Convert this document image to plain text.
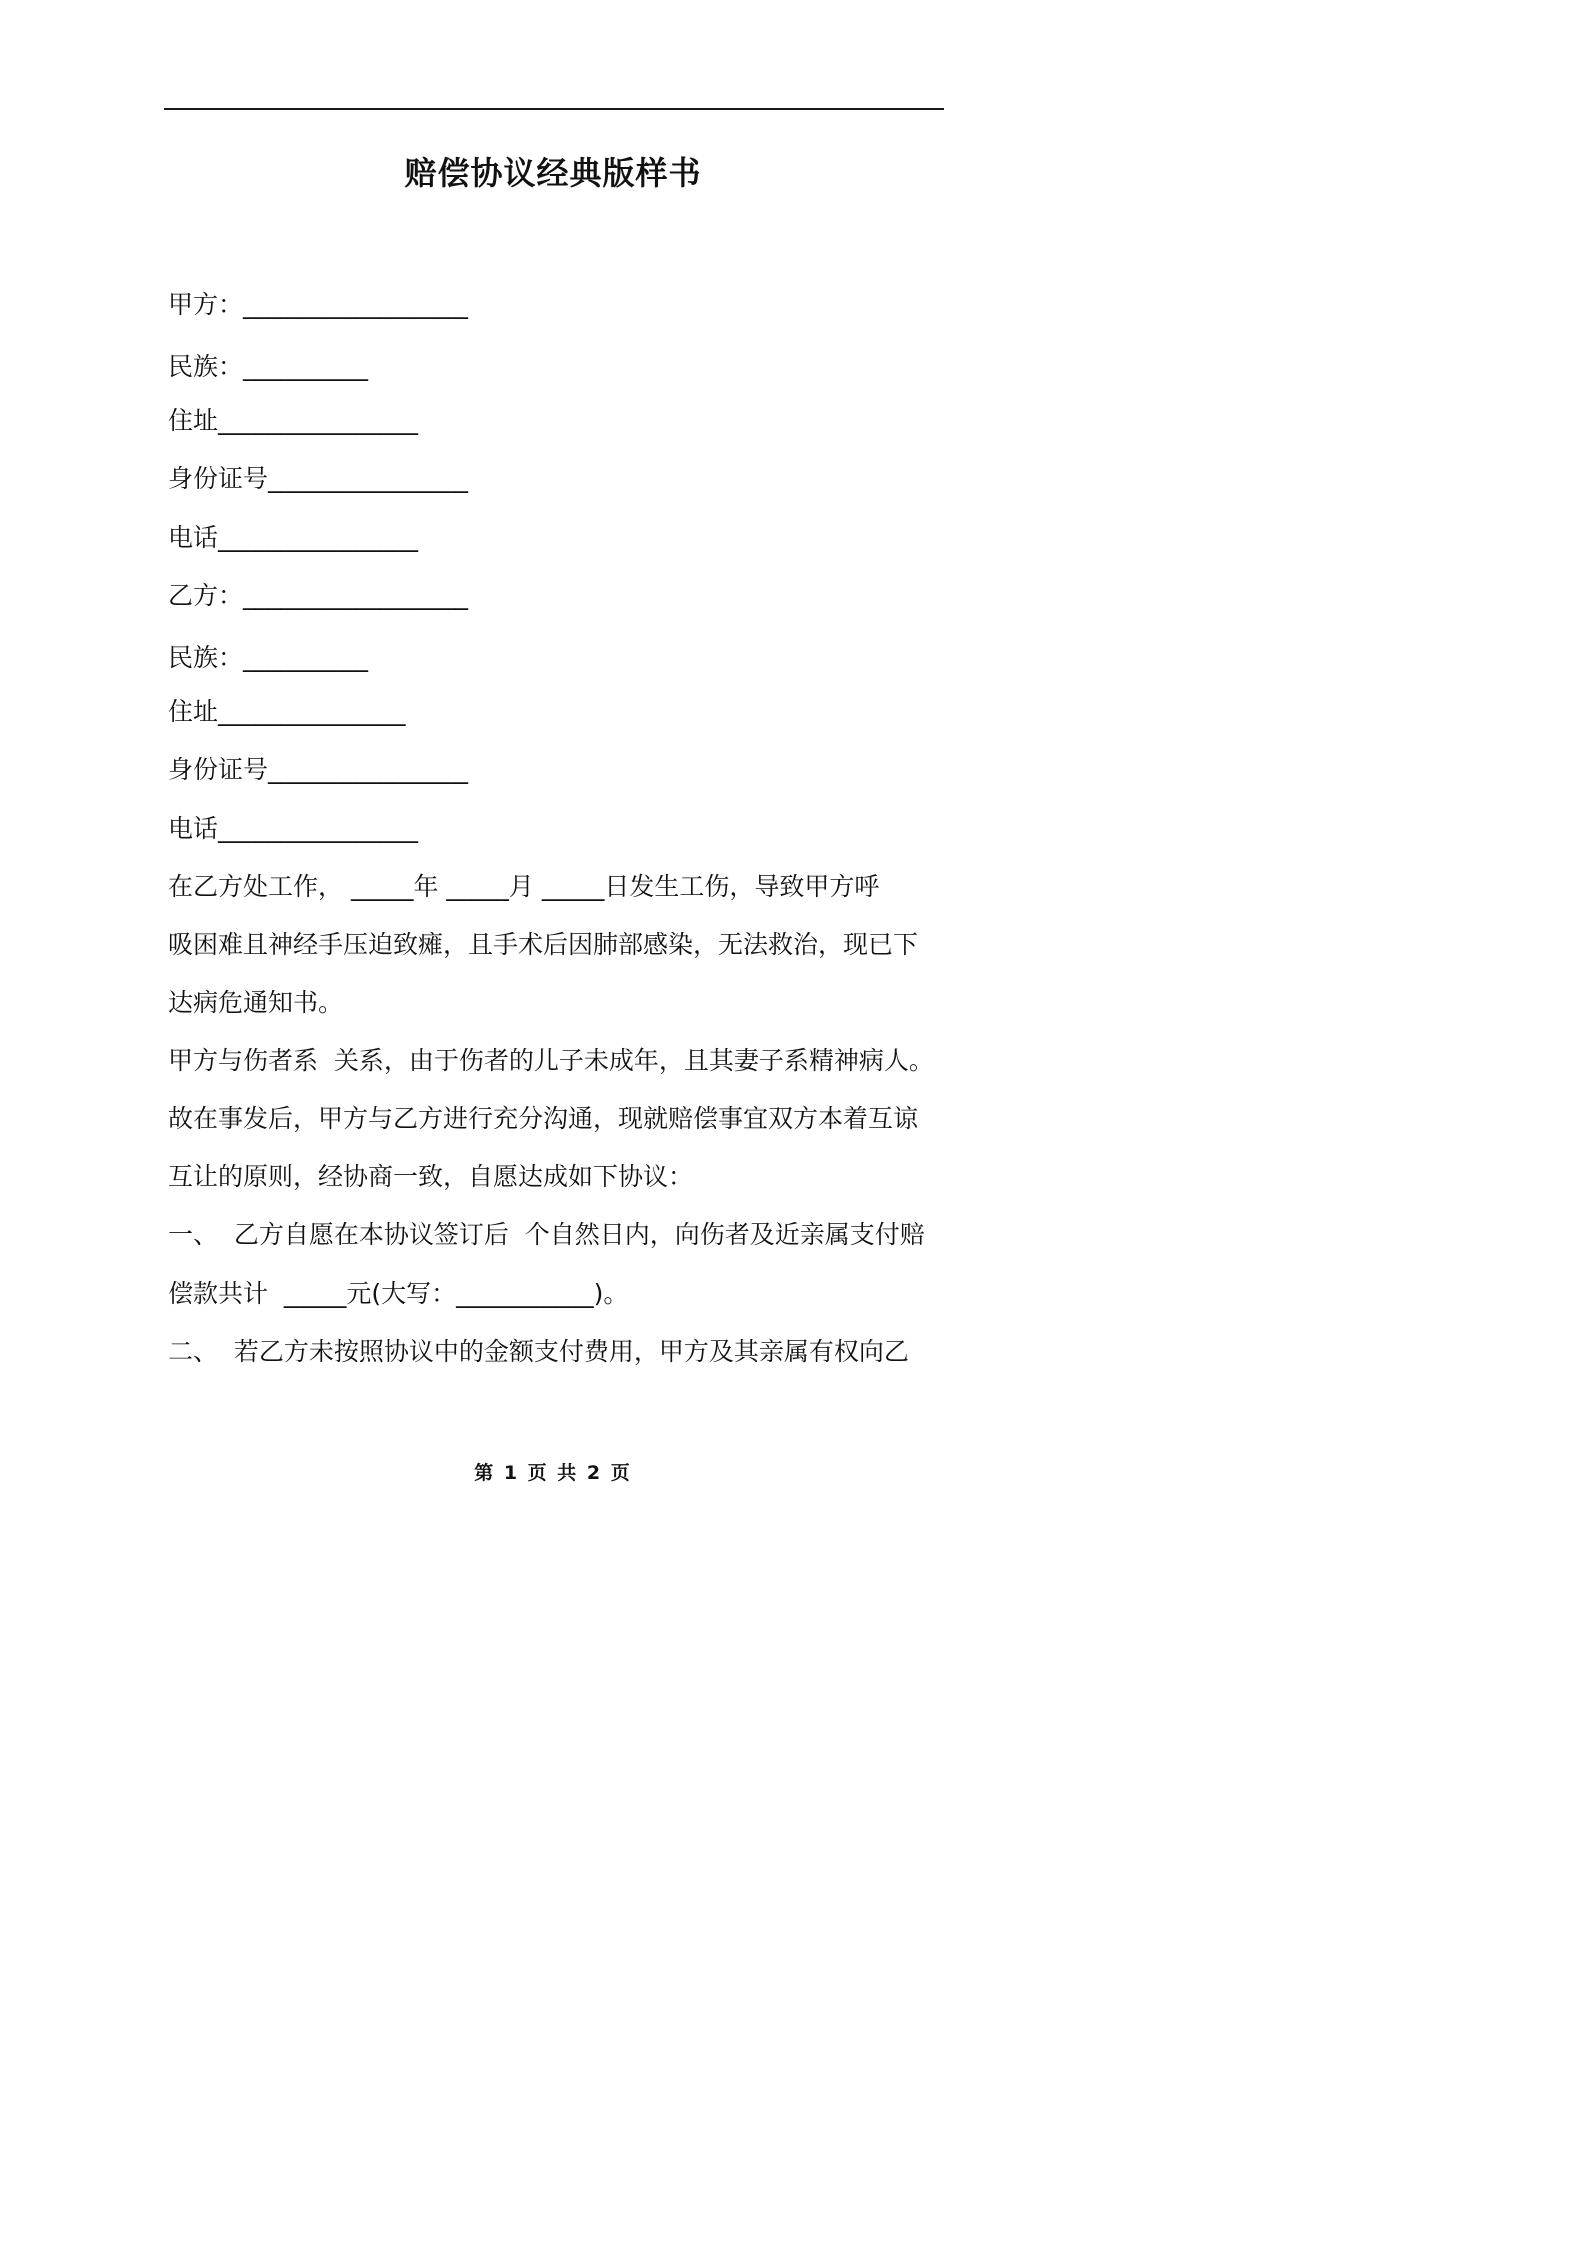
赔偿协议经典版样书
甲方：__________________
民族：__________
住址________________
身份证号________________
电话________________
乙方：__________________
民族：__________
住址_______________
身份证号________________
电话________________
在乙方处工作， _____年 _____月 _____日发生工伤，导致甲方呼
吸困难且神经手压迫致瘫，且手术后因肺部感染，无法救治，现已下
达病危通知书。
甲方与伤者系  关系，由于伤者的儿子未成年，且其妻子系精神病人。
故在事发后，甲方与乙方进行充分沟通，现就赔偿事宜双方本着互谅
互让的原则，经协商一致，自愿达成如下协议：
一、  乙方自愿在本协议签订后  个自然日内，向伤者及近亲属支付赔
偿款共计  _____元(大写：___________)。
二、  若乙方未按照协议中的金额支付费用，甲方及其亲属有权向乙
第 1 页 共 2 页
